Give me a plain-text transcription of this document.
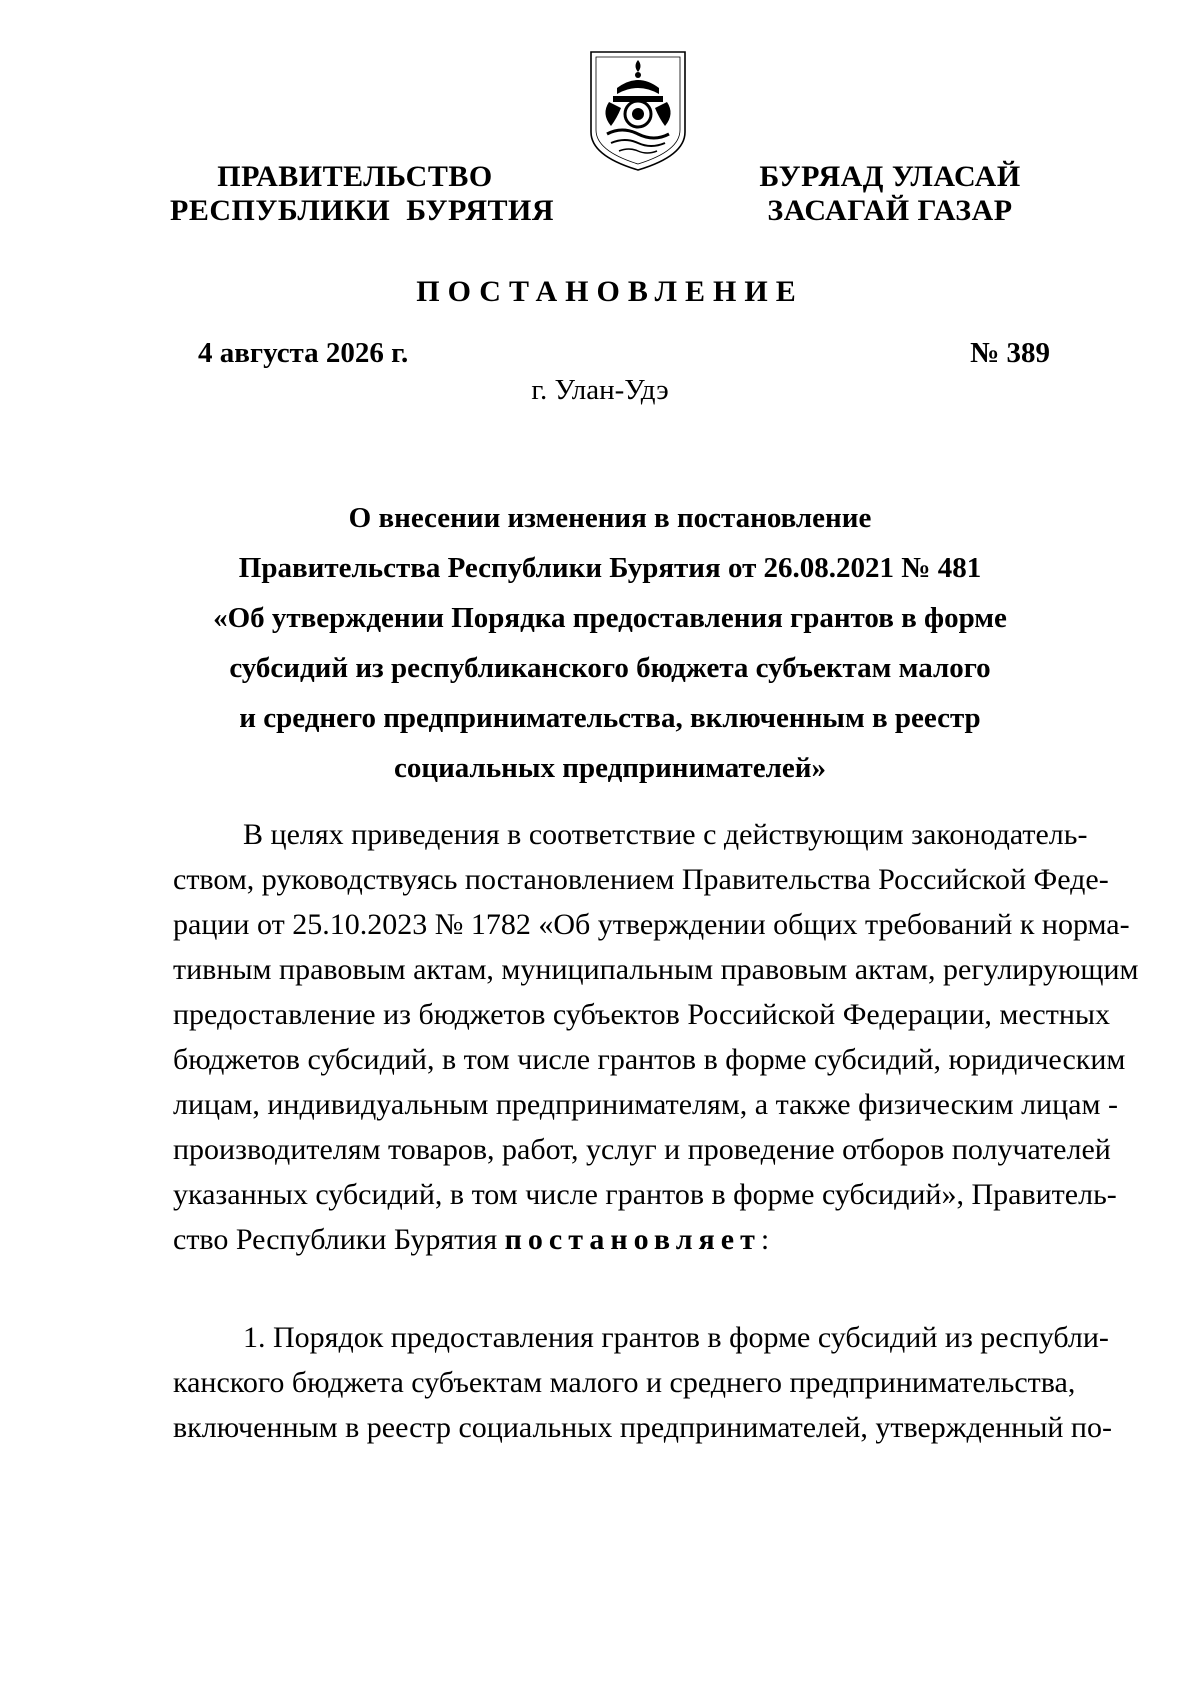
ПРАВИТЕЛЬСТВО
РЕСПУБЛИКИ  БУРЯТИЯ
БУРЯАД УЛАСАЙ
ЗАСАГАЙ ГАЗАР
ПОСТАНОВЛЕНИЕ
4 августа 2026 г.	№ 389
г. Улан-Удэ
О внесении изменения в постановление
Правительства Республики Бурятия от 26.08.2021 № 481
«Об утверждении Порядка предоставления грантов в форме
субсидий из республиканского бюджета субъектам малого
и среднего предпринимательства, включенным в реестр
социальных предпринимателей»
В целях приведения в соответствие с действующим законодатель-
ством, руководствуясь постановлением Правительства Российской Феде-
рации от 25.10.2023 № 1782 «Об утверждении общих требований к норма-
тивным правовым актам, муниципальным правовым актам, регулирующим
предоставление из бюджетов субъектов Российской Федерации, местных
бюджетов субсидий, в том числе грантов в форме субсидий, юридическим
лицам, индивидуальным предпринимателям, а также физическим лицам -
производителям товаров, работ, услуг и проведение отборов получателей
указанных субсидий, в том числе грантов в форме субсидий», Правитель-
ство Республики Бурятия постановляет:
1. Порядок предоставления грантов в форме субсидий из республи-
канского бюджета субъектам малого и среднего предпринимательства,
включенным в реестр социальных предпринимателей, утвержденный по-
